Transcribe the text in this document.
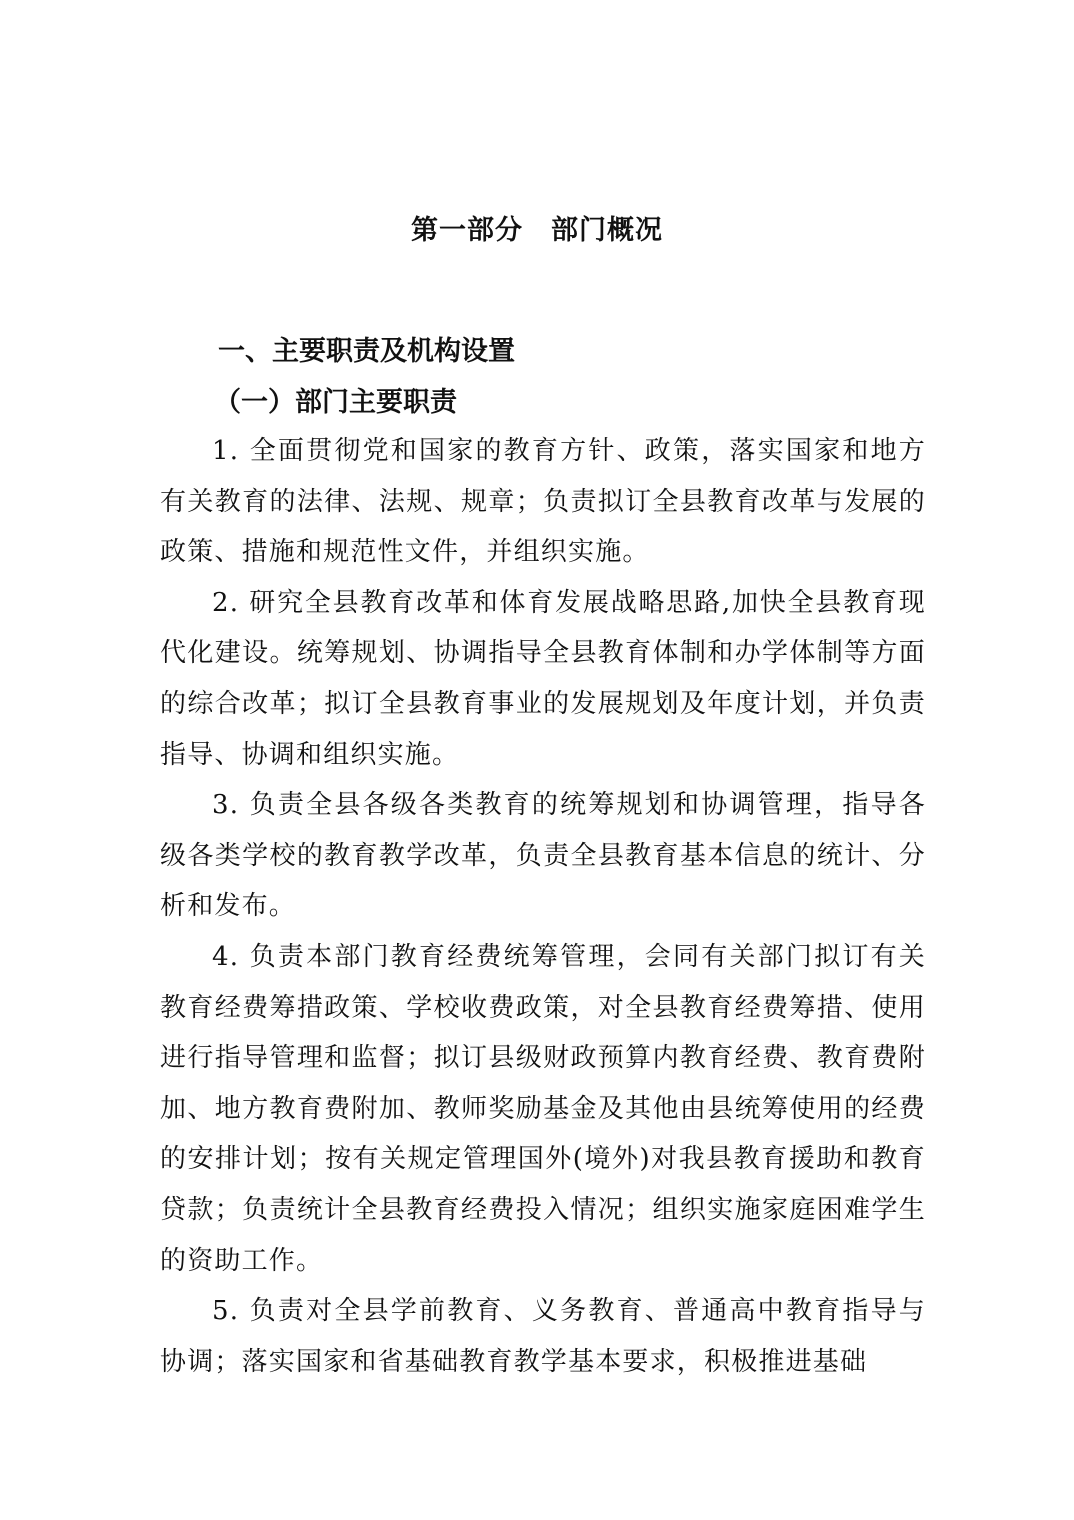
第一部分　部门概况
一、主要职责及机构设置
（一）部门主要职责

1. 全面贯彻党和国家的教育方针、政策，落实国家和地方有关教育的法律、法规、规章；负责拟订全县教育改革与发展的政策、措施和规范性文件，并组织实施。

2. 研究全县教育改革和体育发展战略思路,加快全县教育现代化建设。统筹规划、协调指导全县教育体制和办学体制等方面的综合改革；拟订全县教育事业的发展规划及年度计划，并负责指导、协调和组织实施。

3. 负责全县各级各类教育的统筹规划和协调管理，指导各级各类学校的教育教学改革，负责全县教育基本信息的统计、分析和发布。

4. 负责本部门教育经费统筹管理，会同有关部门拟订有关教育经费筹措政策、学校收费政策，对全县教育经费筹措、使用进行指导管理和监督；拟订县级财政预算内教育经费、教育费附加、地方教育费附加、教师奖励基金及其他由县统筹使用的经费的安排计划；按有关规定管理国外(境外)对我县教育援助和教育贷款；负责统计全县教育经费投入情况；组织实施家庭困难学生的资助工作。

5. 负责对全县学前教育、义务教育、普通高中教育指导与协调；落实国家和省基础教育教学基本要求，积极推进基础
